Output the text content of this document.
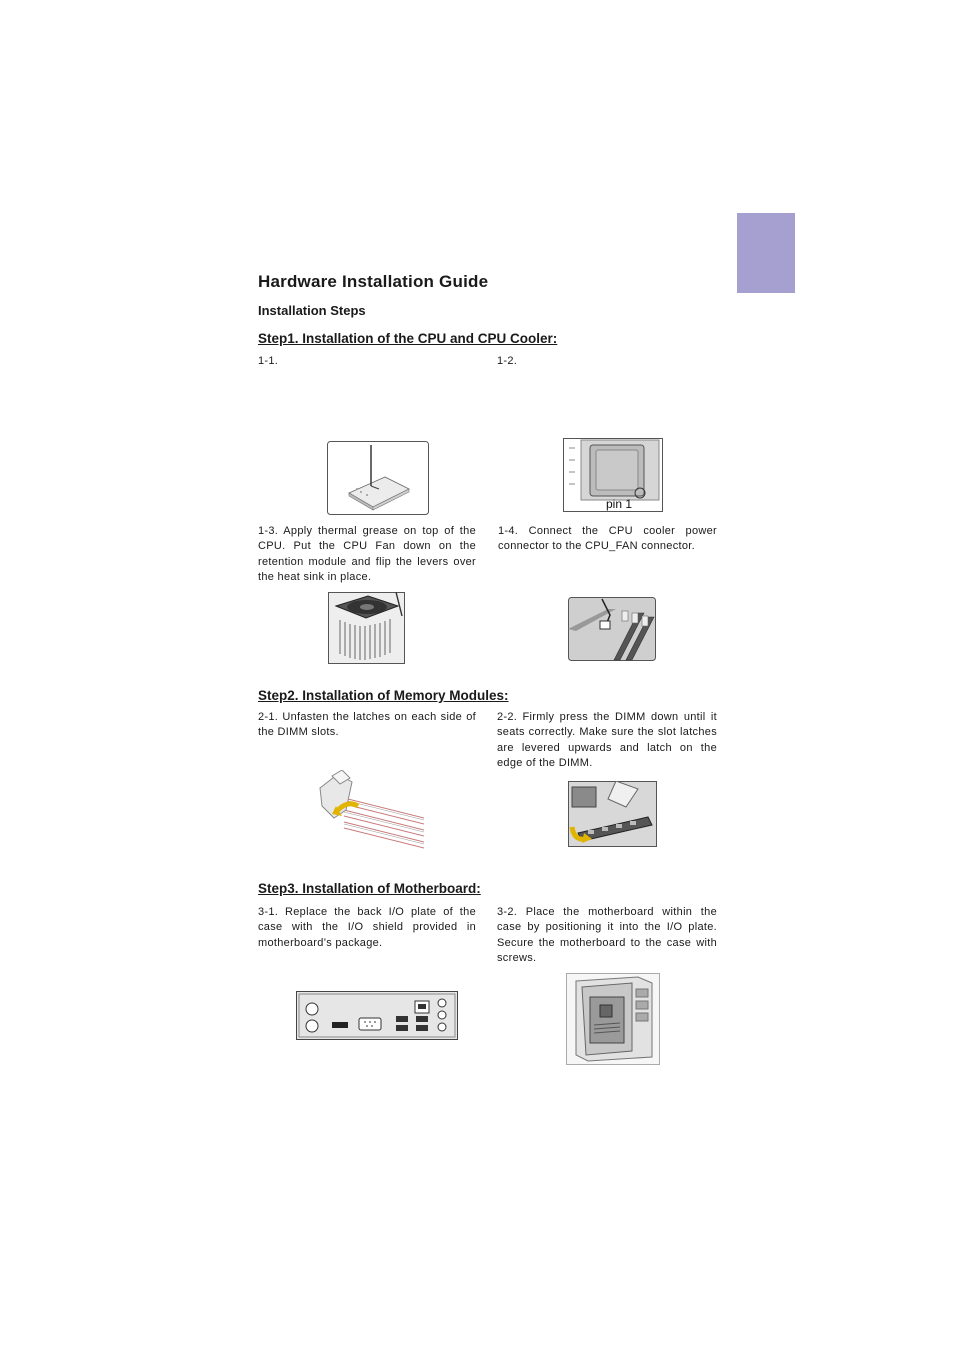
Hardware Installation Guide
Installation Steps
Step1. Installation of the CPU and CPU Cooler:
1-1.	1-2.
pin 1
1-3. Apply thermal grease on top of the CPU. Put the CPU Fan down on the retention module and flip the levers over the heat sink in place.
1-4. Connect the CPU cooler power connector to the CPU_FAN connector.
Step2. Installation of Memory Modules:
2-1. Unfasten the latches on each side of the DIMM slots.
2-2. Firmly press the DIMM down until it seats correctly. Make sure the slot latches are levered upwards and latch on the edge of the DIMM.
Step3. Installation of Motherboard:
3-1. Replace the back I/O plate of the case with the I/O shield provided in motherboard’s package.
3-2. Place the motherboard within the case by positioning it into the I/O plate. Secure the motherboard to the case with screws.
